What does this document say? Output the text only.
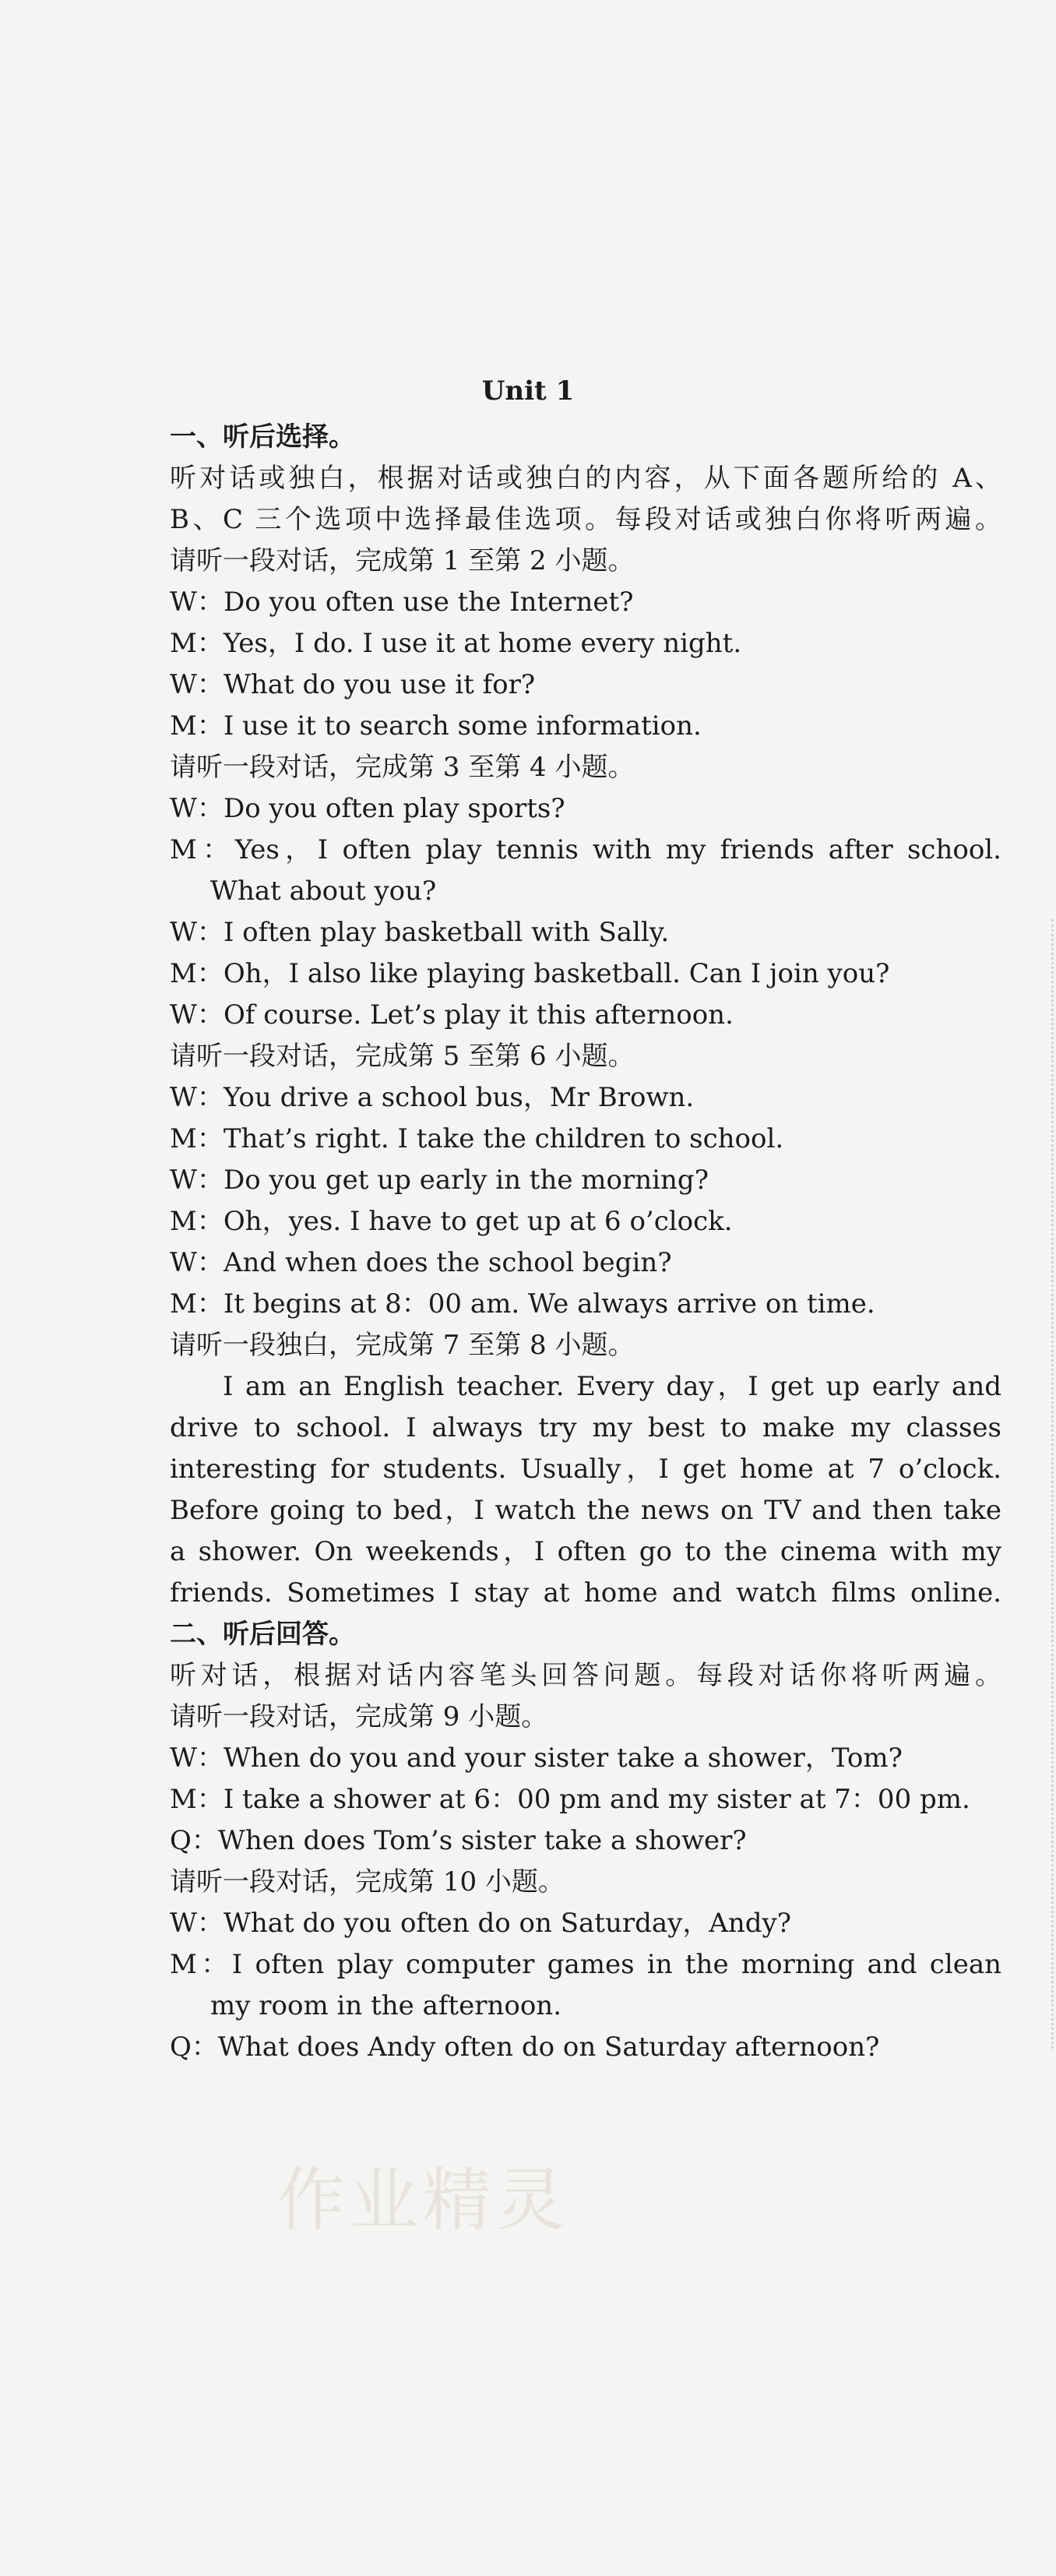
Unit 1
一、听后选择。
听对话或独白，根据对话或独白的内容，从下面各题所给的 A、
B、C 三个选项中选择最佳选项。每段对话或独白你将听两遍。
请听一段对话，完成第 1 至第 2 小题。
W：Do you often use the Internet?
M：Yes，I do. I use it at home every night.
W：What do you use it for?
M：I use it to search some information.
请听一段对话，完成第 3 至第 4 小题。
W：Do you often play sports?
M：Yes，I often play tennis with my friends after school.
What about you?
W：I often play basketball with Sally.
M：Oh，I also like playing basketball. Can I join you?
W：Of course. Let’s play it this afternoon.
请听一段对话，完成第 5 至第 6 小题。
W：You drive a school bus，Mr Brown.
M：That’s right. I take the children to school.
W：Do you get up early in the morning?
M：Oh，yes. I have to get up at 6 o’clock.
W：And when does the school begin?
M：It begins at 8：00 am. We always arrive on time.
请听一段独白，完成第 7 至第 8 小题。
I am an English teacher. Every day，I get up early and
drive to school. I always try my best to make my classes
interesting for students. Usually，I get home at 7 o’clock.
Before going to bed，I watch the news on TV and then take
a shower. On weekends，I often go to the cinema with my
friends. Sometimes I stay at home and watch films online.
二、听后回答。
听对话，根据对话内容笔头回答问题。每段对话你将听两遍。
请听一段对话，完成第 9 小题。
W：When do you and your sister take a shower，Tom?
M：I take a shower at 6：00 pm and my sister at 7：00 pm.
Q：When does Tom’s sister take a shower?
请听一段对话，完成第 10 小题。
W：What do you often do on Saturday，Andy?
M：I often play computer games in the morning and clean
my room in the afternoon.
Q：What does Andy often do on Saturday afternoon?
作业精灵
